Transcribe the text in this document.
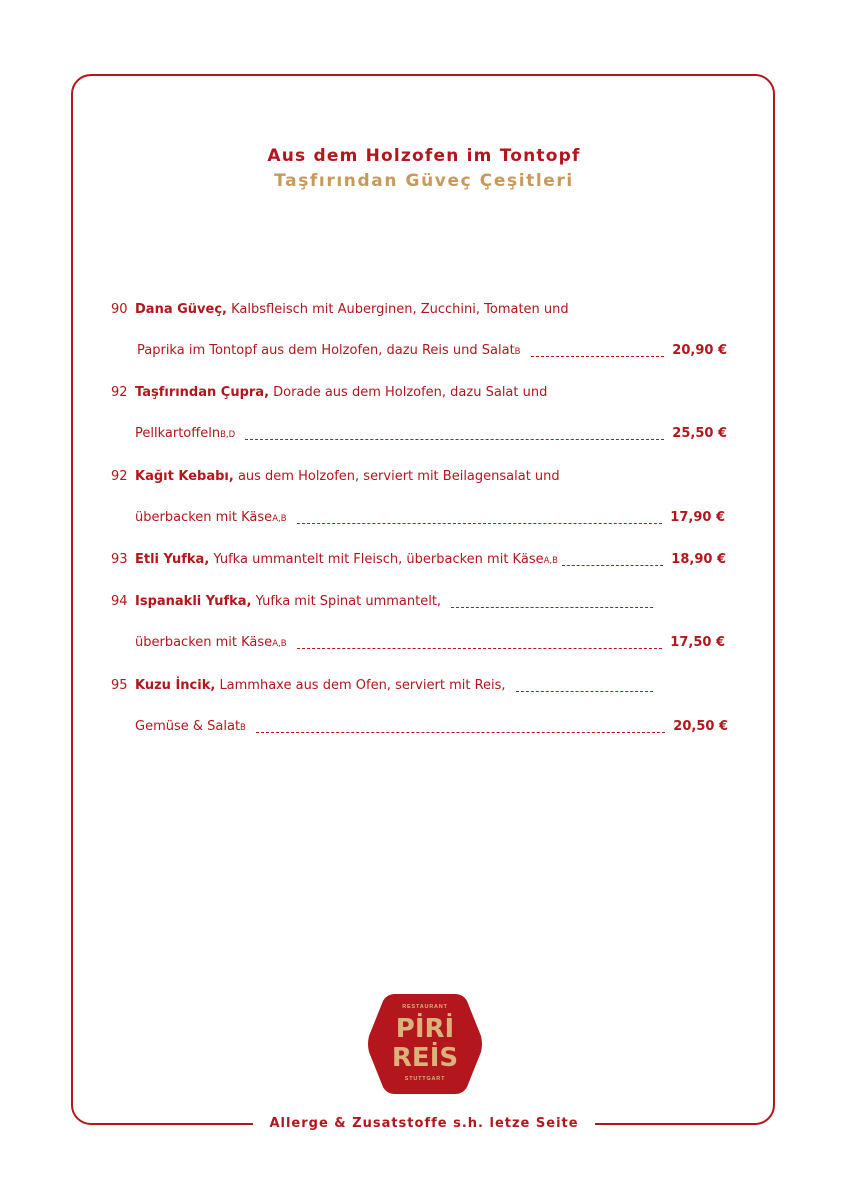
Aus dem Holzofen im Tontopf
Taşfırından Güveç Çeşitleri
90 Dana Güveç,
Kalbsfleisch mit Auberginen, Zucchini, Tomaten und
Paprika im Tontopf aus dem Holzofen, dazu Reis und Salat B	20,90 €
92 Taşfırından Çupra,
Dorade aus dem Holzofen, dazu Salat und
Pellkartoffeln B,D	25,50 €
92 Kağıt Kebabı,
aus dem Holzofen, serviert mit Beilagensalat und
überbacken mit Käse A,B	17,90 €
93 Etli Yufka,
Yufka ummantelt mit Fleisch, überbacken mit Käse A,B	18,90 €
94 Ispanakli Yufka,
Yufka mit Spinat ummantelt,
überbacken mit Käse A,B	17,50 €
95 Kuzu İncik,
Lammhaxe aus dem Ofen, serviert mit Reis,
Gemüse & Salat B	20,50 €
RESTAURANT
PİRİ
REİS
STUTTGART
Allerge & Zusatstoffe s.h. letze Seite
